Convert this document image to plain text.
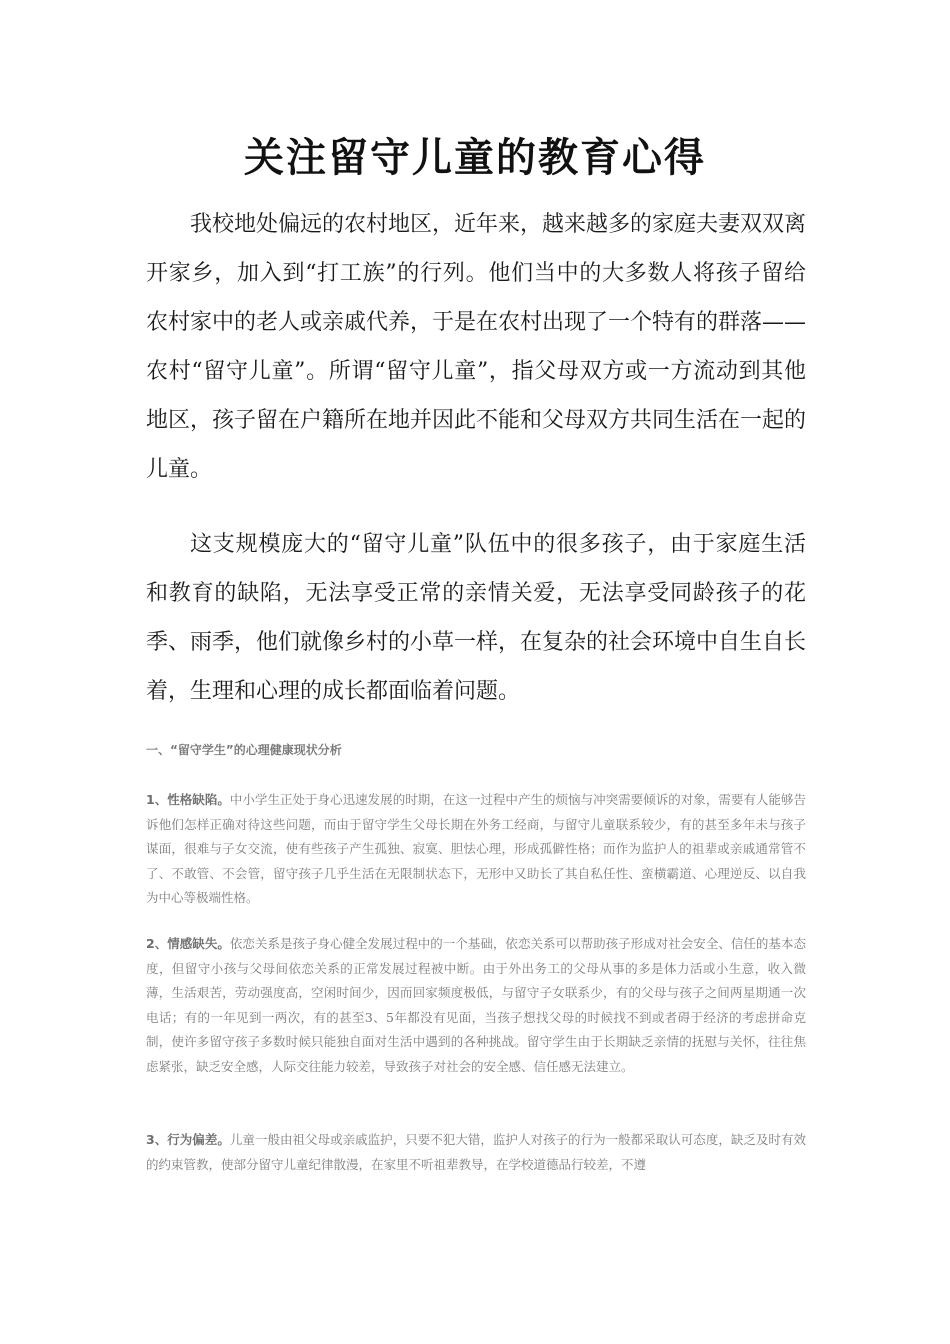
关注留守儿童的教育心得

我校地处偏远的农村地区，近年来，越来越多的家庭夫妻双双离开家乡，加入到“打工族”的行列。他们当中的大多数人将孩子留给农村家中的老人或亲戚代养，于是在农村出现了一个特有的群落——农村“留守儿童”。所谓“留守儿童”，指父母双方或一方流动到其他地区，孩子留在户籍所在地并因此不能和父母双方共同生活在一起的儿童。

这支规模庞大的“留守儿童”队伍中的很多孩子，由于家庭生活和教育的缺陷，无法享受正常的亲情关爱，无法享受同龄孩子的花季、雨季，他们就像乡村的小草一样，在复杂的社会环境中自生自长着，生理和心理的成长都面临着问题。

一、“留守学生”的心理健康现状分析

1、性格缺陷。中小学生正处于身心迅速发展的时期，在这一过程中产生的烦恼与冲突需要倾诉的对象，需要有人能够告诉他们怎样正确对待这些问题，而由于留守学生父母长期在外务工经商，与留守儿童联系较少，有的甚至多年未与孩子谋面，很难与子女交流，使有些孩子产生孤独、寂寞、胆怯心理，形成孤僻性格；而作为监护人的祖辈或亲戚通常管不了、不敢管、不会管，留守孩子几乎生活在无限制状态下，无形中又助长了其自私任性、蛮横霸道、心理逆反、以自我为中心等极端性格。

2、情感缺失。依恋关系是孩子身心健全发展过程中的一个基础，依恋关系可以帮助孩子形成对社会安全、信任的基本态度，但留守小孩与父母间依恋关系的正常发展过程被中断。由于外出务工的父母从事的多是体力活或小生意，收入微薄，生活艰苦，劳动强度高，空闲时间少，因而回家频度极低，与留守子女联系少，有的父母与孩子之间两星期通一次电话；有的一年见到一两次，有的甚至3、5年都没有见面，当孩子想找父母的时候找不到或者碍于经济的考虑拼命克制，使许多留守孩子多数时候只能独自面对生活中遇到的各种挑战。留守学生由于长期缺乏亲情的抚慰与关怀，往往焦虑紧张，缺乏安全感，人际交往能力较差，导致孩子对社会的安全感、信任感无法建立。

3、行为偏差。儿童一般由祖父母或亲戚监护，只要不犯大错，监护人对孩子的行为一般都采取认可态度，缺乏及时有效的约束管教，使部分留守儿童纪律散漫，在家里不听祖辈教导，在学校道德品行较差，不遵
